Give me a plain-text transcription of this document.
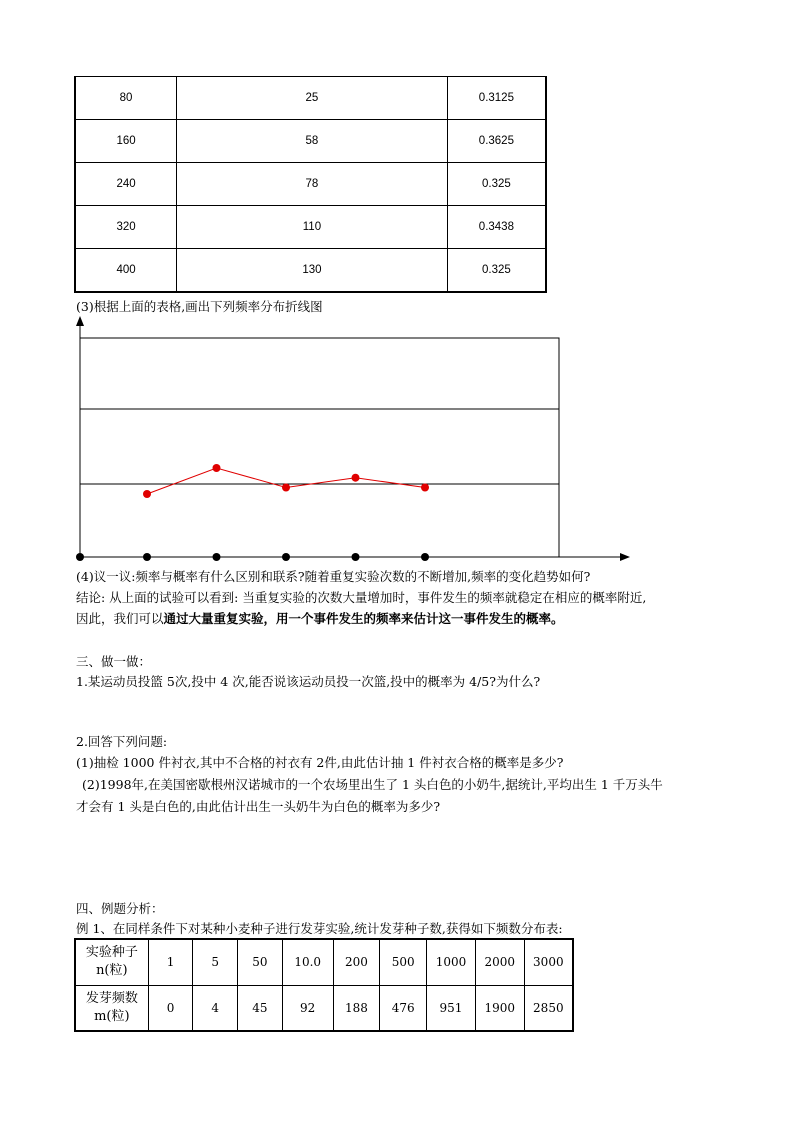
80	25	0.3125
160	58	0.3625
240	78	0.325
320	110	0.3438
400	130	0.325
(3)根据上面的表格,画出下列频率分布折线图
(4)议一议:频率与概率有什么区别和联系?随着重复实验次数的不断增加,频率的变化趋势如何?
结论: 从上面的试验可以看到: 当重复实验的次数大量增加时，事件发生的频率就稳定在相应的概率附近,
因此，我们可以通过大量重复实验，用一个事件发生的频率来估计这一事件发生的概率。
三、做一做：
1.某运动员投篮 5次,投中 4 次,能否说该运动员投一次篮,投中的概率为 4/5?为什么?
2.回答下列问题:
(1)抽检 1000 件衬衣,其中不合格的衬衣有 2件,由此估计抽 1 件衬衣合格的概率是多少?
(2)1998年,在美国密歇根州汉诺城市的一个农场里出生了 1 头白色的小奶牛,据统计,平均出生 1 千万头牛
才会有 1 头是白色的,由此估计出生一头奶牛为白色的概率为多少?
四、例题分析：
例 1、在同样条件下对某种小麦种子进行发芽实验,统计发芽种子数,获得如下频数分布表:
实验种子
n(粒)	1	5	50	10.0	200	500	1000	2000	3000
发芽频数
m(粒)	0	4	45	92	188	476	951	1900	2850
